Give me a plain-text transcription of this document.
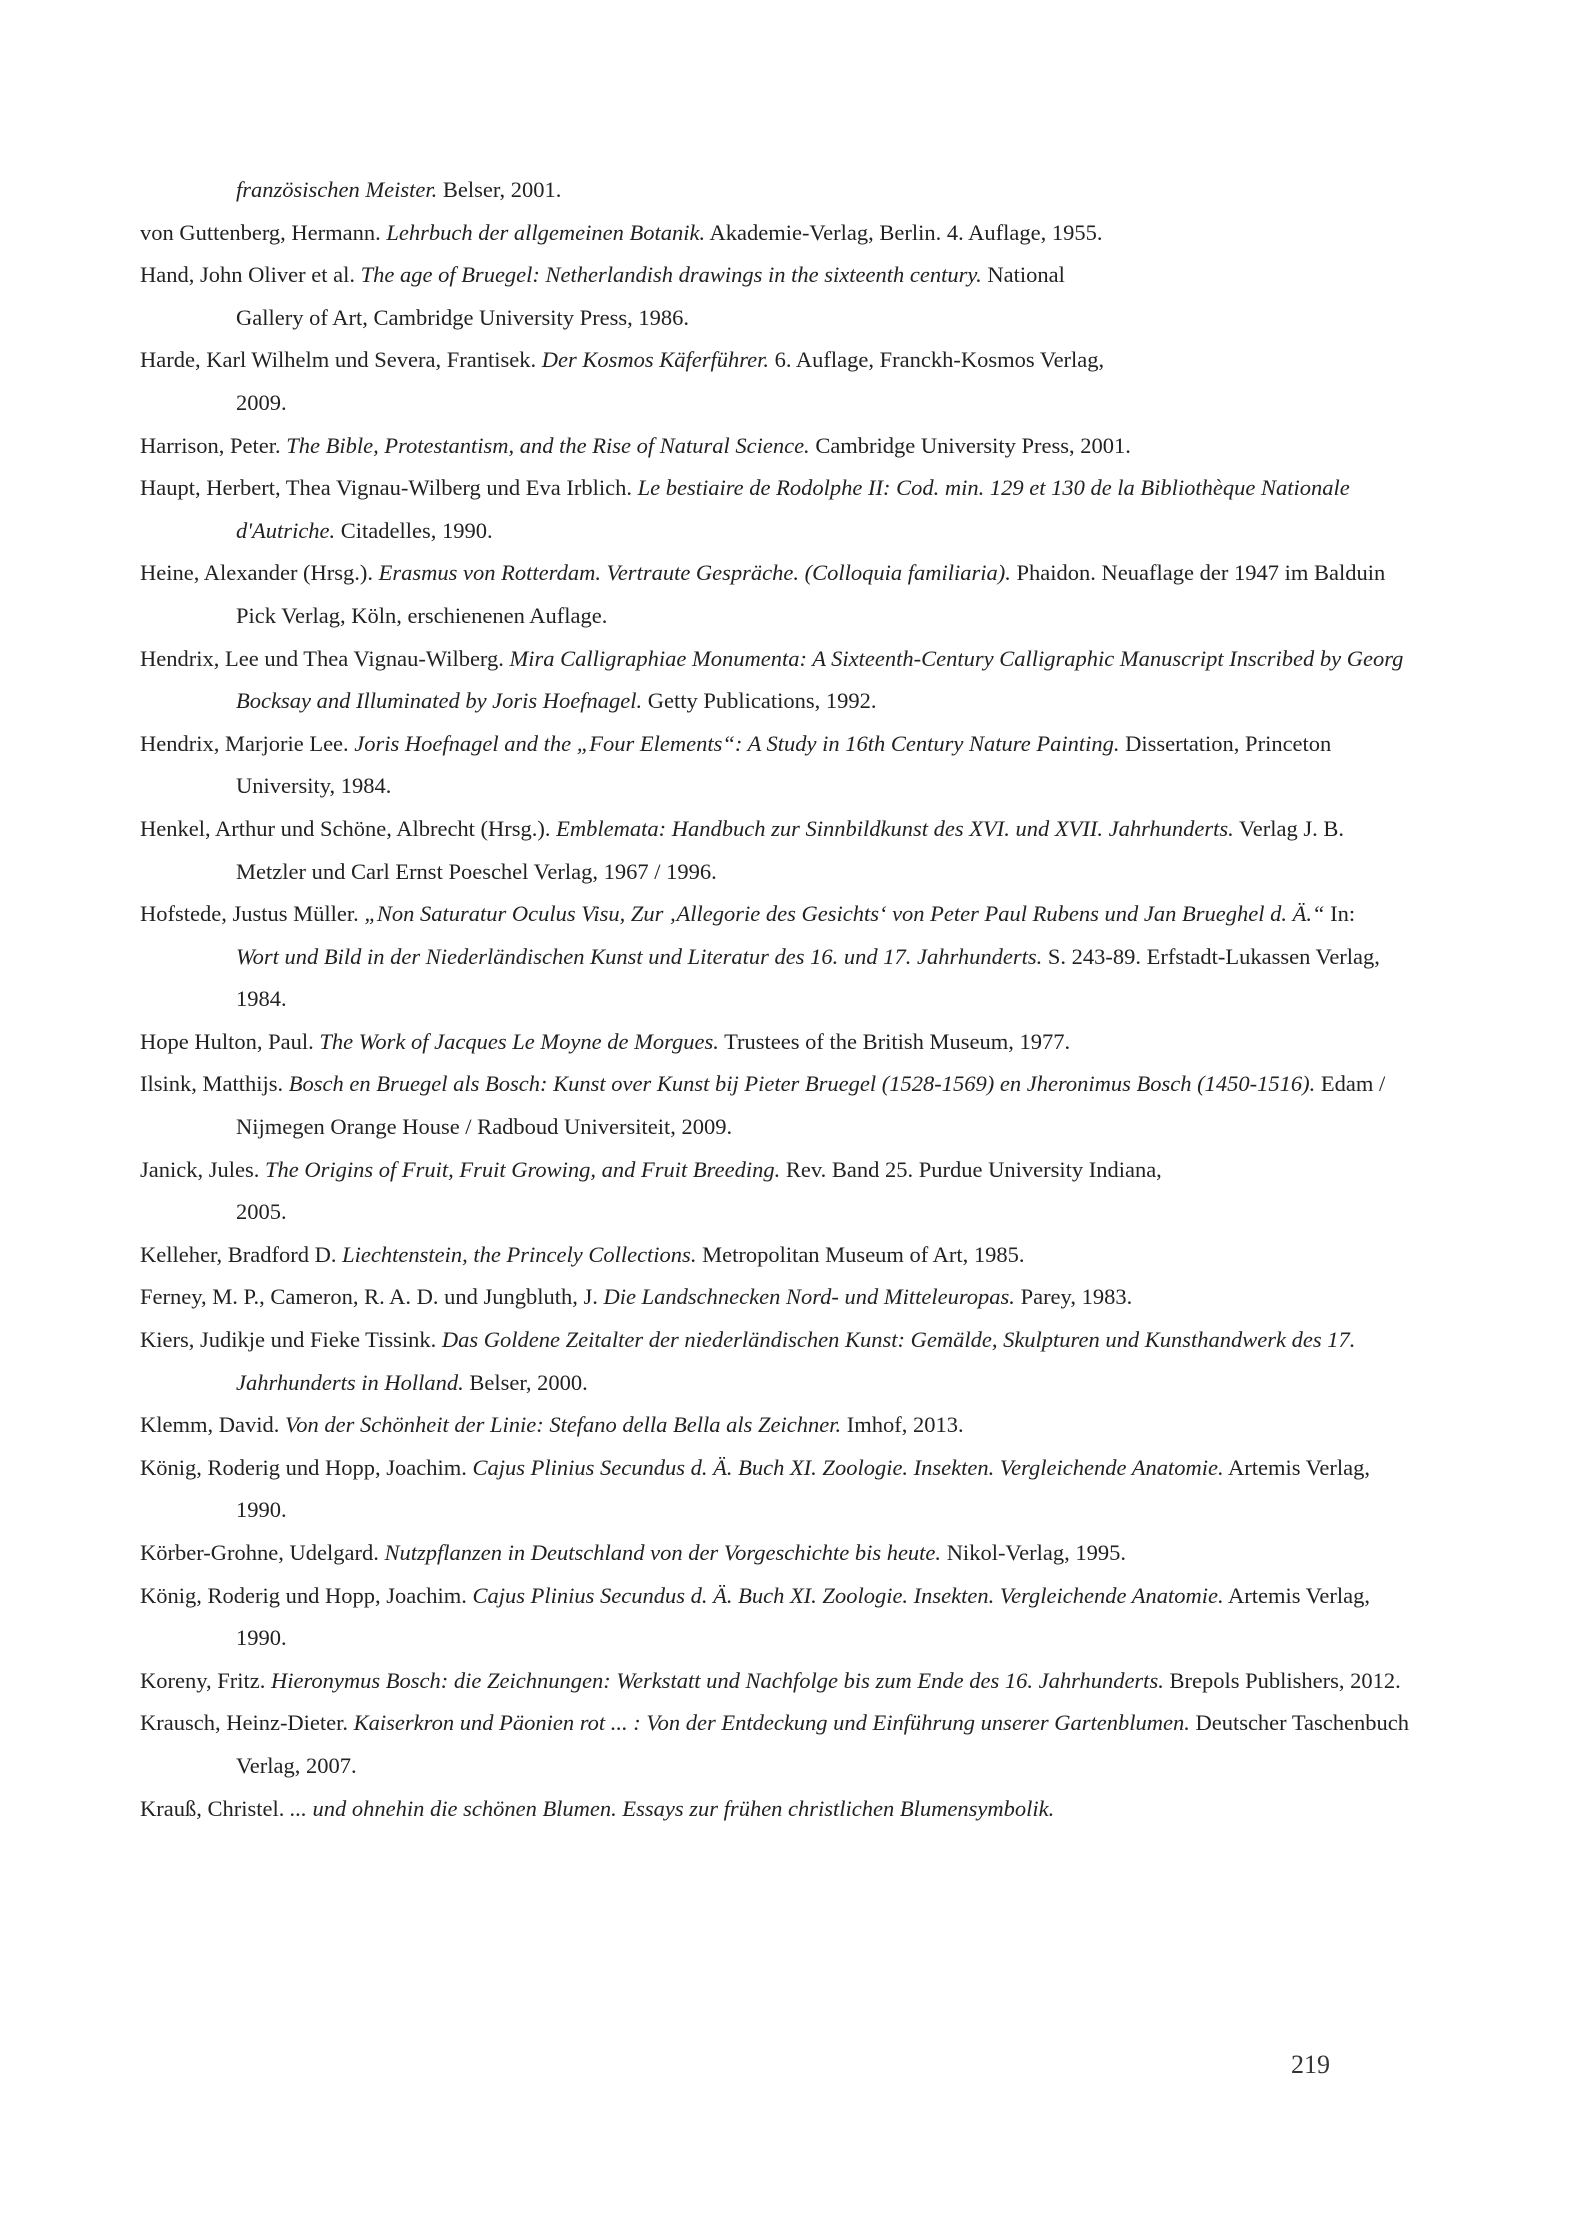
französischen Meister. Belser, 2001.

von Guttenberg, Hermann. Lehrbuch der allgemeinen Botanik. Akademie-Verlag, Berlin. 4. Auflage, 1955.

Hand, John Oliver et al. The age of Bruegel: Netherlandish drawings in the sixteenth century. National Gallery of Art, Cambridge University Press, 1986.

Harde, Karl Wilhelm und Severa, Frantisek. Der Kosmos Käferführer. 6. Auflage, Franckh-Kosmos Verlag, 2009.

Harrison, Peter. The Bible, Protestantism, and the Rise of Natural Science. Cambridge University Press, 2001.

Haupt, Herbert, Thea Vignau-Wilberg und Eva Irblich. Le bestiaire de Rodolphe II: Cod. min. 129 et 130 de la Bibliothèque Nationale d'Autriche. Citadelles, 1990.

Heine, Alexander (Hrsg.). Erasmus von Rotterdam. Vertraute Gespräche. (Colloquia familiaria). Phaidon. Neuaflage der 1947 im Balduin Pick Verlag, Köln, erschienenen Auflage.

Hendrix, Lee und Thea Vignau-Wilberg. Mira Calligraphiae Monumenta: A Sixteenth-Century Calligraphic Manuscript Inscribed by Georg Bocksay and Illuminated by Joris Hoefnagel. Getty Publications, 1992.

Hendrix, Marjorie Lee. Joris Hoefnagel and the „Four Elements“: A Study in 16th Century Nature Painting. Dissertation, Princeton University, 1984.

Henkel, Arthur und Schöne, Albrecht (Hrsg.). Emblemata: Handbuch zur Sinnbildkunst des XVI. und XVII. Jahrhunderts. Verlag J. B. Metzler und Carl Ernst Poeschel Verlag, 1967 / 1996.

Hofstede, Justus Müller. „Non Saturatur Oculus Visu, Zur ‚Allegorie des Gesichts‘ von Peter Paul Rubens und Jan Brueghel d. Ä.“ In: Wort und Bild in der Niederländischen Kunst und Literatur des 16. und 17. Jahrhunderts. S. 243-89. Erfstadt-Lukassen Verlag, 1984.

Hope Hulton, Paul. The Work of Jacques Le Moyne de Morgues. Trustees of the British Museum, 1977.

Ilsink, Matthijs. Bosch en Bruegel als Bosch: Kunst over Kunst bij Pieter Bruegel (1528-1569) en Jheronimus Bosch (1450-1516). Edam / Nijmegen Orange House / Radboud Universiteit, 2009.

Janick, Jules. The Origins of Fruit, Fruit Growing, and Fruit Breeding. Rev. Band 25. Purdue University Indiana, 2005.

Kelleher, Bradford D. Liechtenstein, the Princely Collections. Metropolitan Museum of Art, 1985.

Ferney, M. P., Cameron, R. A. D. und Jungbluth, J. Die Landschnecken Nord- und Mitteleuropas. Parey, 1983.

Kiers, Judikje und Fieke Tissink. Das Goldene Zeitalter der niederländischen Kunst: Gemälde, Skulpturen und Kunsthandwerk des 17. Jahrhunderts in Holland. Belser, 2000.

Klemm, David. Von der Schönheit der Linie: Stefano della Bella als Zeichner. Imhof, 2013.

König, Roderig und Hopp, Joachim. Cajus Plinius Secundus d. Ä. Buch XI. Zoologie. Insekten. Vergleichende Anatomie. Artemis Verlag, 1990.

Körber-Grohne, Udelgard. Nutzpflanzen in Deutschland von der Vorgeschichte bis heute. Nikol-Verlag, 1995.

König, Roderig und Hopp, Joachim. Cajus Plinius Secundus d. Ä. Buch XI. Zoologie. Insekten. Vergleichende Anatomie. Artemis Verlag, 1990.

Koreny, Fritz. Hieronymus Bosch: die Zeichnungen: Werkstatt und Nachfolge bis zum Ende des 16. Jahrhunderts. Brepols Publishers, 2012.

Krausch, Heinz-Dieter. Kaiserkron und Päonien rot ... : Von der Entdeckung und Einführung unserer Gartenblumen. Deutscher Taschenbuch Verlag, 2007.

Krauß, Christel. ... und ohnehin die schönen Blumen. Essays zur frühen christlichen Blumensymbolik.

219
